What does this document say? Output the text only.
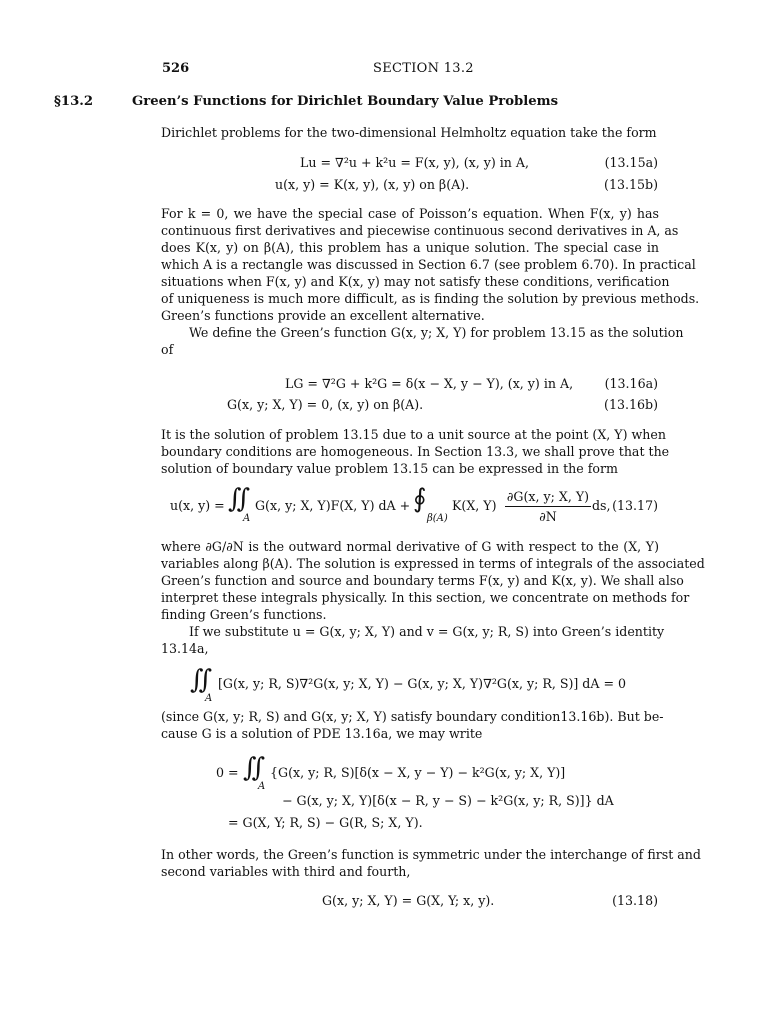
526	SECTION 13.2
§13.2	Green’s Functions for Dirichlet Boundary Value Problems
Dirichlet problems for the two-dimensional Helmholtz equation take the form
Lu = ∇²u + k²u = F(x, y), (x, y) in A,	(13.15a)
u(x, y) = K(x, y), (x, y) on β(A).	(13.15b)
For k = 0, we have the special case of Poisson’s equation. When F(x, y) has
continuous first derivatives and piecewise continuous second derivatives in A, as
does K(x, y) on β(A), this problem has a unique solution. The special case in
which A is a rectangle was discussed in Section 6.7 (see problem 6.70). In practical
situations when F(x, y) and K(x, y) may not satisfy these conditions, verification
of uniqueness is much more difficult, as is finding the solution by previous methods.
Green’s functions provide an excellent alternative.
We define the Green’s function G(x, y; X, Y) for problem 13.15 as the solution
of
LG = ∇²G + k²G = δ(x − X, y − Y), (x, y) in A,	(13.16a)
G(x, y; X, Y) = 0, (x, y) on β(A).	(13.16b)
It is the solution of problem 13.15 due to a unit source at the point (X, Y) when
boundary conditions are homogeneous. In Section 13.3, we shall prove that the
solution of boundary value problem 13.15 can be expressed in the form
u(x, y) = ∬
A
G(x, y; X, Y)F(X, Y) dA + ∮
β(A)
K(X, Y)
∂G(x, y; X, Y)
∂N
ds, (13.17)
where ∂G/∂N is the outward normal derivative of G with respect to the (X, Y)
variables along β(A). The solution is expressed in terms of integrals of the associated
Green’s function and source and boundary terms F(x, y) and K(x, y). We shall also
interpret these integrals physically. In this section, we concentrate on methods for
finding Green’s functions.
If we substitute u = G(x, y; X, Y) and v = G(x, y; R, S) into Green’s identity
13.14a,
∬
A
[G(x, y; R, S)∇²G(x, y; X, Y) − G(x, y; X, Y)∇²G(x, y; R, S)] dA = 0
(since G(x, y; R, S) and G(x, y; X, Y) satisfy boundary condition13.16b). But be-
cause G is a solution of PDE 13.16a, we may write
0 = ∬
A
{G(x, y; R, S)[δ(x − X, y − Y) − k²G(x, y; X, Y)]
− G(x, y; X, Y)[δ(x − R, y − S) − k²G(x, y; R, S)]} dA
= G(X, Y; R, S) − G(R, S; X, Y).
In other words, the Green’s function is symmetric under the interchange of first and
second variables with third and fourth,
G(x, y; X, Y) = G(X, Y; x, y).	(13.18)
